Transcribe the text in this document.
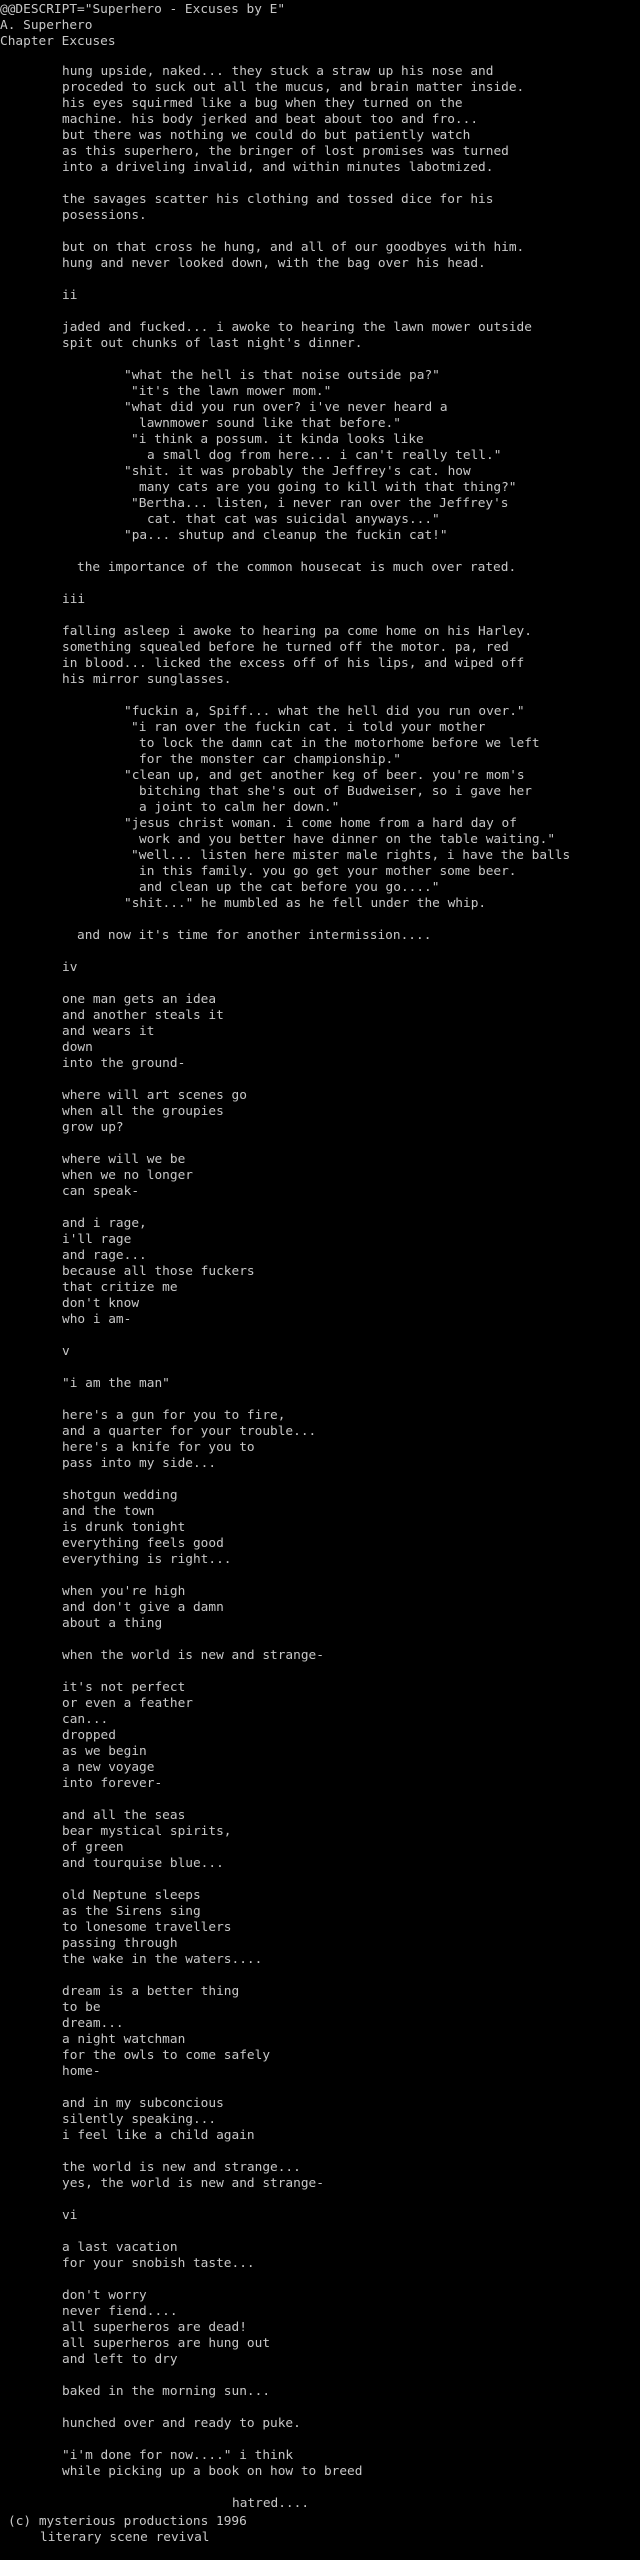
@@DESCRIPT="Superhero - Excuses by E"
A. Superhero
Chapter Excuses
hung upside, naked... they stuck a straw up his nose and
proceded to suck out all the mucus, and brain matter inside.
his eyes squirmed like a bug when they turned on the
machine. his body jerked and beat about too and fro...
but there was nothing we could do but patiently watch
as this superhero, the bringer of lost promises was turned
into a driveling invalid, and within minutes labotmized.
the savages scatter his clothing and tossed dice for his
posessions.
but on that cross he hung, and all of our goodbyes with him.
hung and never looked down, with the bag over his head.
ii
jaded and fucked... i awoke to hearing the lawn mower outside
spit out chunks of last night's dinner.
"what the hell is that noise outside pa?"
"it's the lawn mower mom."
"what did you run over? i've never heard a
lawnmower sound like that before."
"i think a possum. it kinda looks like
a small dog from here... i can't really tell."
"shit. it was probably the Jeffrey's cat. how
many cats are you going to kill with that thing?"
"Bertha... listen, i never ran over the Jeffrey's
cat. that cat was suicidal anyways..."
"pa... shutup and cleanup the fuckin cat!"
the importance of the common housecat is much over rated.
iii
falling asleep i awoke to hearing pa come home on his Harley.
something squealed before he turned off the motor. pa, red
in blood... licked the excess off of his lips, and wiped off
his mirror sunglasses.
"fuckin a, Spiff... what the hell did you run over."
"i ran over the fuckin cat. i told your mother
to lock the damn cat in the motorhome before we left
for the monster car championship."
"clean up, and get another keg of beer. you're mom's
bitching that she's out of Budweiser, so i gave her
a joint to calm her down."
"jesus christ woman. i come home from a hard day of
work and you better have dinner on the table waiting."
"well... listen here mister male rights, i have the balls
in this family. you go get your mother some beer.
and clean up the cat before you go...."
"shit..." he mumbled as he fell under the whip.
and now it's time for another intermission....
iv
one man gets an idea
and another steals it
and wears it
down
into the ground-
where will art scenes go
when all the groupies
grow up?
where will we be
when we no longer
can speak-
and i rage,
i'll rage
and rage...
because all those fuckers
that critize me
don't know
who i am-
v
"i am the man"
here's a gun for you to fire,
and a quarter for your trouble...
here's a knife for you to
pass into my side...
shotgun wedding
and the town
is drunk tonight
everything feels good
everything is right...
when you're high
and don't give a damn
about a thing
when the world is new and strange-
it's not perfect
or even a feather
can...
dropped
as we begin
a new voyage
into forever-
and all the seas
bear mystical spirits,
of green
and tourquise blue...
old Neptune sleeps
as the Sirens sing
to lonesome travellers
passing through
the wake in the waters....
dream is a better thing
to be
dream...
a night watchman
for the owls to come safely
home-
and in my subconcious
silently speaking...
i feel like a child again
the world is new and strange...
yes, the world is new and strange-
vi
a last vacation
for your snobish taste...
don't worry
never fiend....
all superheros are dead!
all superheros are hung out
and left to dry
baked in the morning sun...
hunched over and ready to puke.
"i'm done for now...." i think
while picking up a book on how to breed
hatred....
(c) mysterious productions 1996
literary scene revival
